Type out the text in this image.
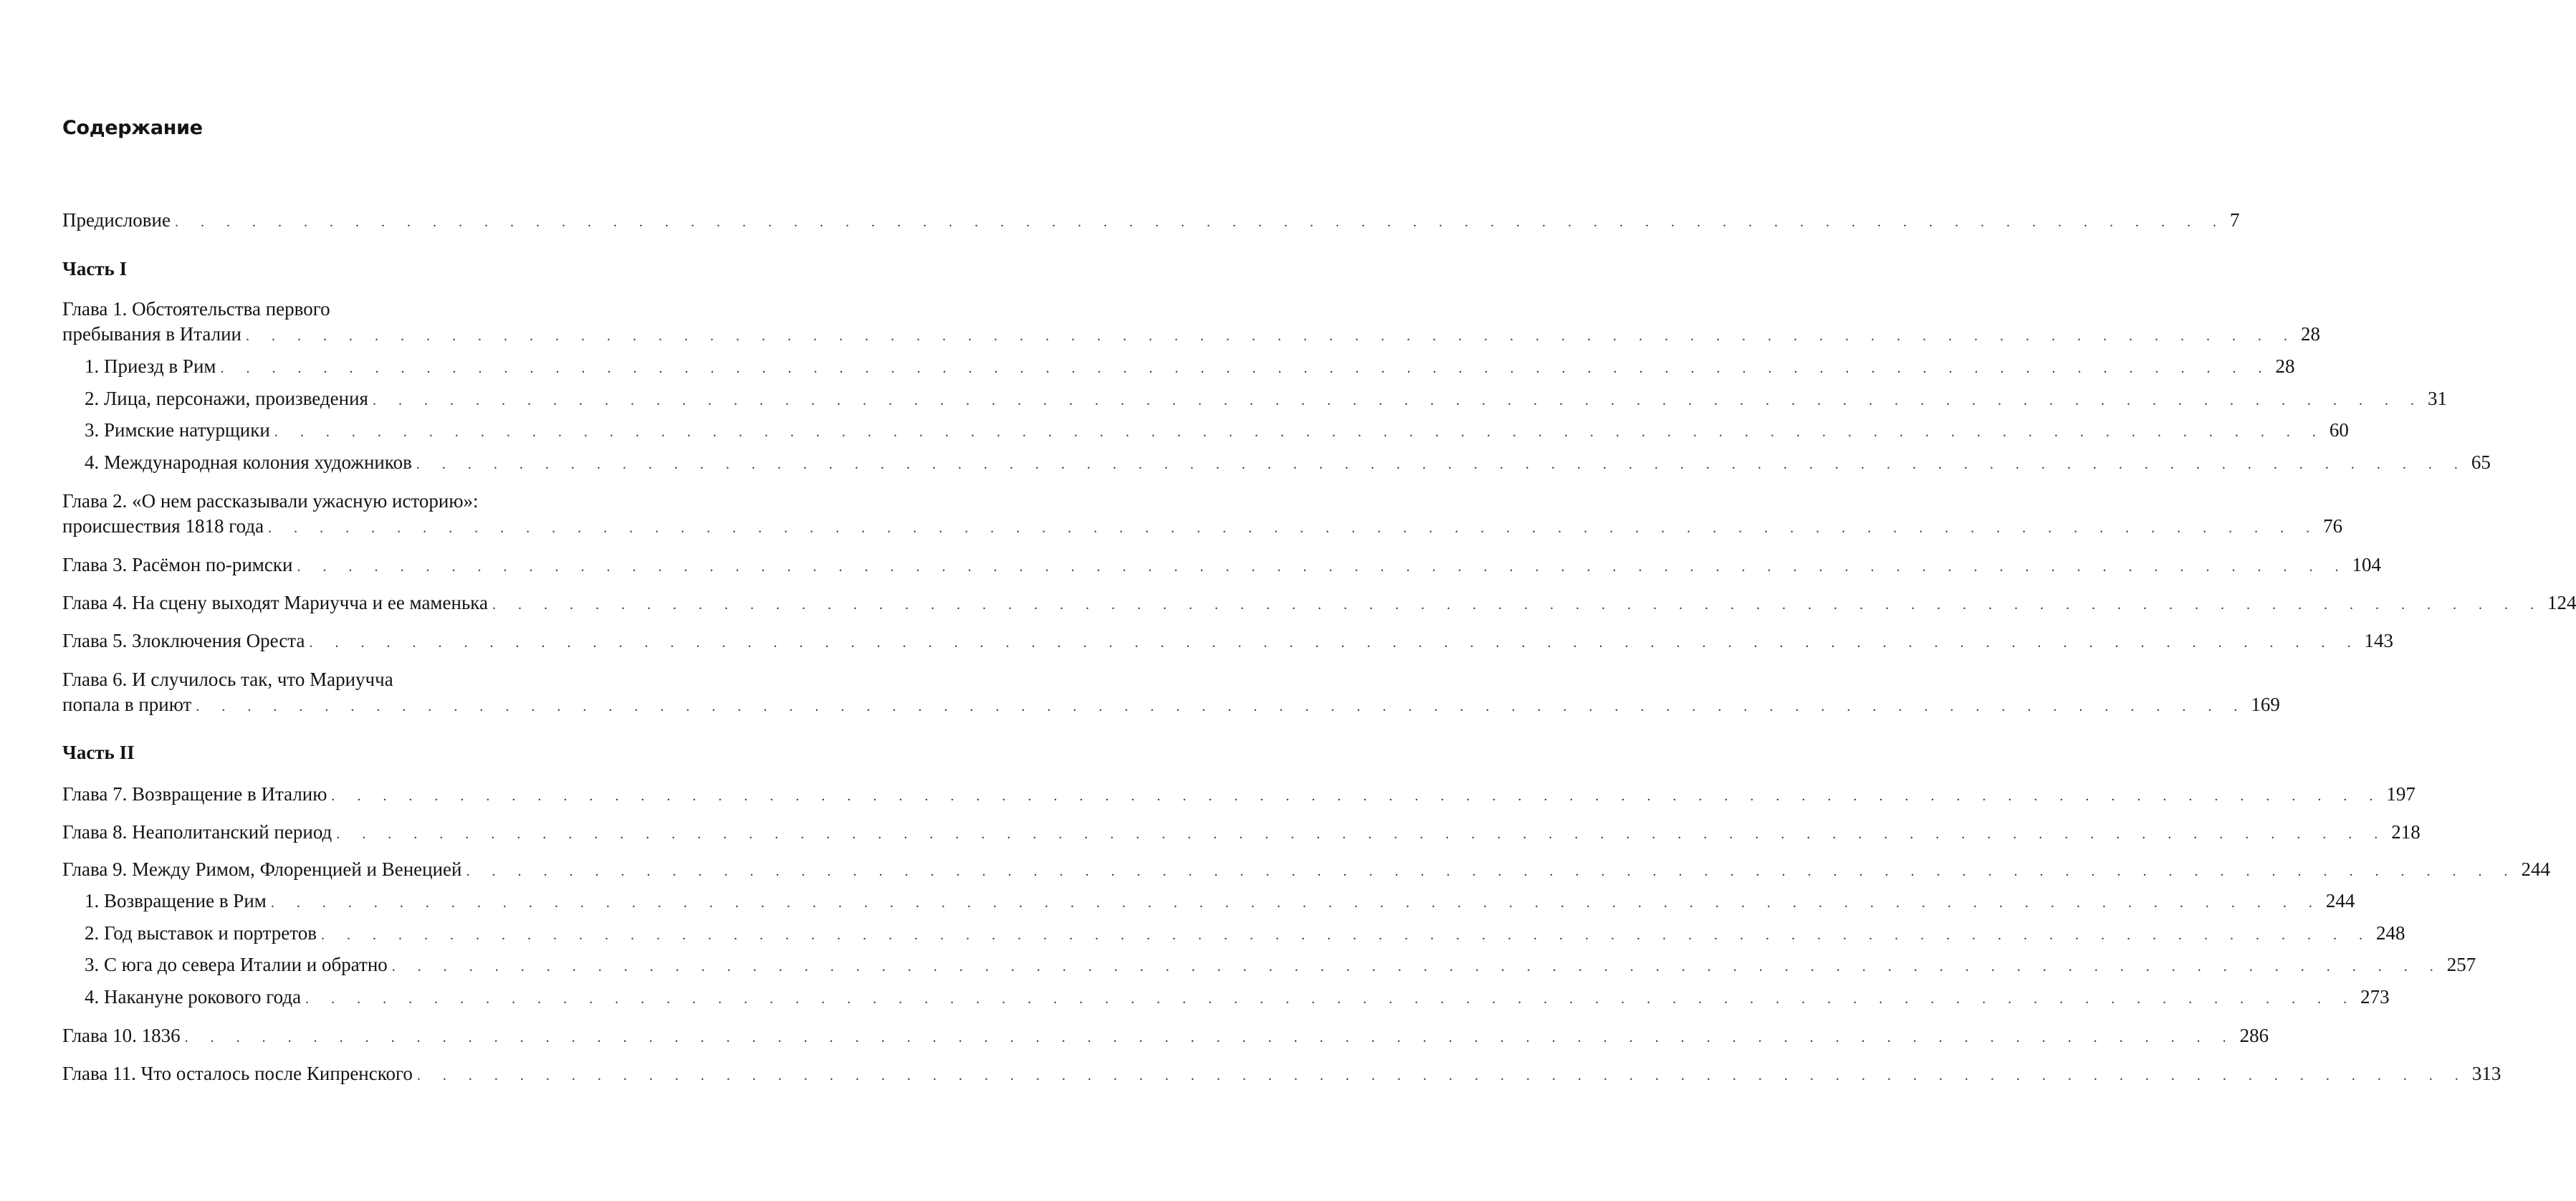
Содержание
Предисловие . . . . . . . . . . . . . . . . . . . . . . . . . . . . . . . . . . . . . . . . . . . . . . . . . . . . . . . . . . . . . . . . . . . . . . . . . . . . . . . . 7
Часть I
Глава 1. Обстоятельства первого
пребывания в Италии . . . . . . . . . . . . . . . . . . . . . . . . . . . . . . . . . . . . . . . . . . . . . . . . . . . . . . . . . . . . . . . . . . . . . . . . . . . . . . . . 28
1. Приезд в Рим . . . . . . . . . . . . . . . . . . . . . . . . . . . . . . . . . . . . . . . . . . . . . . . . . . . . . . . . . . . . . . . . . . . . . . . . . . . . . . . . 28
2. Лица, персонажи, произведения . . . . . . . . . . . . . . . . . . . . . . . . . . . . . . . . . . . . . . . . . . . . . . . . . . . . . . . . . . . . . . . . . . . . . . . . . . . . . . . . 31
3. Римские натурщики . . . . . . . . . . . . . . . . . . . . . . . . . . . . . . . . . . . . . . . . . . . . . . . . . . . . . . . . . . . . . . . . . . . . . . . . . . . . . . . . 60
4. Международная колония художников . . . . . . . . . . . . . . . . . . . . . . . . . . . . . . . . . . . . . . . . . . . . . . . . . . . . . . . . . . . . . . . . . . . . . . . . . . . . . . . . 65
Глава 2. «О нем рассказывали ужасную историю»:
происшествия 1818 года . . . . . . . . . . . . . . . . . . . . . . . . . . . . . . . . . . . . . . . . . . . . . . . . . . . . . . . . . . . . . . . . . . . . . . . . . . . . . . . . 76
Глава 3. Расёмон по-римски . . . . . . . . . . . . . . . . . . . . . . . . . . . . . . . . . . . . . . . . . . . . . . . . . . . . . . . . . . . . . . . . . . . . . . . . . . . . . . . . 104
Глава 4. На сцену выходят Мариучча и ее маменька . . . . . . . . . . . . . . . . . . . . . . . . . . . . . . . . . . . . . . . . . . . . . . . . . . . . . . . . . . . . . . . . . . . . . . . . . . . . . . . . 124
Глава 5. Злоключения Ореста . . . . . . . . . . . . . . . . . . . . . . . . . . . . . . . . . . . . . . . . . . . . . . . . . . . . . . . . . . . . . . . . . . . . . . . . . . . . . . . . 143
Глава 6. И случилось так, что Мариучча
попала в приют . . . . . . . . . . . . . . . . . . . . . . . . . . . . . . . . . . . . . . . . . . . . . . . . . . . . . . . . . . . . . . . . . . . . . . . . . . . . . . . . 169
Часть II
Глава 7. Возвращение в Италию . . . . . . . . . . . . . . . . . . . . . . . . . . . . . . . . . . . . . . . . . . . . . . . . . . . . . . . . . . . . . . . . . . . . . . . . . . . . . . . . 197
Глава 8. Неаполитанский период . . . . . . . . . . . . . . . . . . . . . . . . . . . . . . . . . . . . . . . . . . . . . . . . . . . . . . . . . . . . . . . . . . . . . . . . . . . . . . . . 218
Глава 9. Между Римом, Флоренцией и Венецией . . . . . . . . . . . . . . . . . . . . . . . . . . . . . . . . . . . . . . . . . . . . . . . . . . . . . . . . . . . . . . . . . . . . . . . . . . . . . . . . 244
1. Возвращение в Рим . . . . . . . . . . . . . . . . . . . . . . . . . . . . . . . . . . . . . . . . . . . . . . . . . . . . . . . . . . . . . . . . . . . . . . . . . . . . . . . . 244
2. Год выставок и портретов . . . . . . . . . . . . . . . . . . . . . . . . . . . . . . . . . . . . . . . . . . . . . . . . . . . . . . . . . . . . . . . . . . . . . . . . . . . . . . . . 248
3. С юга до севера Италии и обратно . . . . . . . . . . . . . . . . . . . . . . . . . . . . . . . . . . . . . . . . . . . . . . . . . . . . . . . . . . . . . . . . . . . . . . . . . . . . . . . . 257
4. Накануне рокового года . . . . . . . . . . . . . . . . . . . . . . . . . . . . . . . . . . . . . . . . . . . . . . . . . . . . . . . . . . . . . . . . . . . . . . . . . . . . . . . . 273
Глава 10. 1836 . . . . . . . . . . . . . . . . . . . . . . . . . . . . . . . . . . . . . . . . . . . . . . . . . . . . . . . . . . . . . . . . . . . . . . . . . . . . . . . . 286
Глава 11. Что осталось после Кипренского . . . . . . . . . . . . . . . . . . . . . . . . . . . . . . . . . . . . . . . . . . . . . . . . . . . . . . . . . . . . . . . . . . . . . . . . . . . . . . . . 313
